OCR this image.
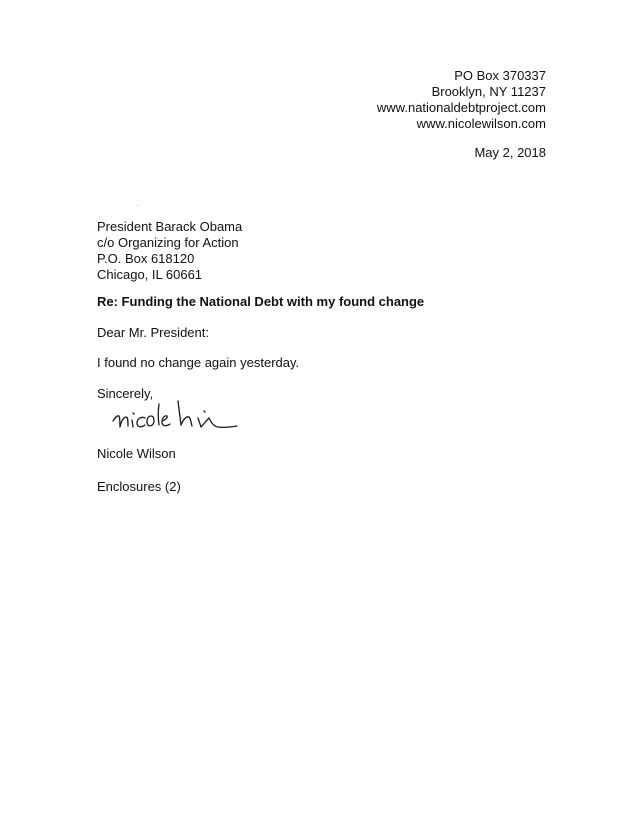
PO Box 370337
Brooklyn, NY 11237
www.nationaldebtproject.com
www.nicolewilson.com
May 2, 2018
President Barack Obama
c/o Organizing for Action
P.O. Box 618120
Chicago, IL 60661
Re: Funding the National Debt with my found change
Dear Mr. President:
I found no change again yesterday.
Sincerely,
Nicole Wilson
Enclosures (2)
